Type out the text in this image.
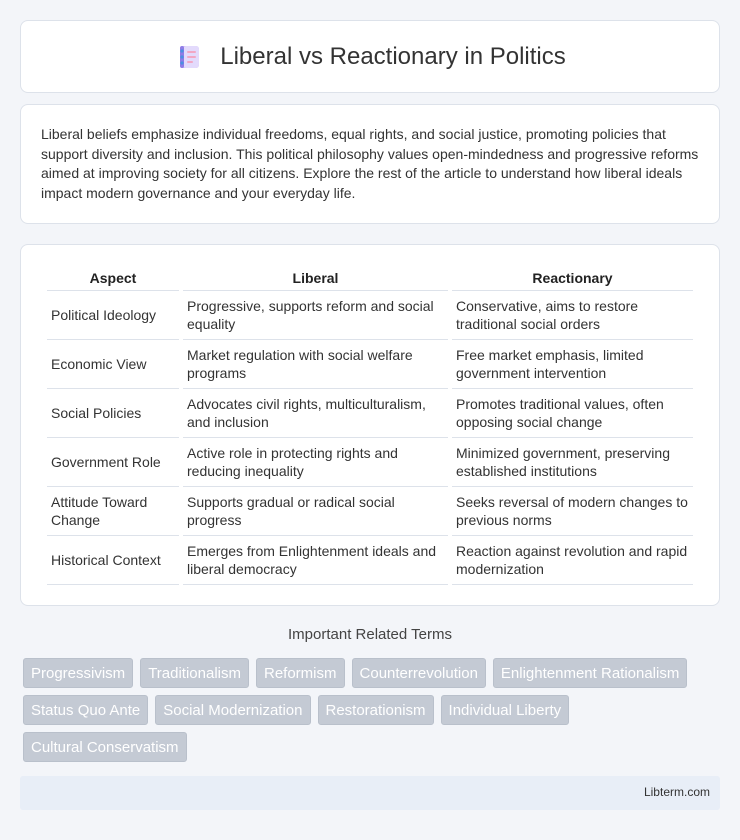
Liberal vs Reactionary in Politics

Liberal beliefs emphasize individual freedoms, equal rights, and social justice, promoting policies that support diversity and inclusion. This political philosophy values open-mindedness and progressive reforms aimed at improving society for all citizens. Explore the rest of the article to understand how liberal ideals impact modern governance and your everyday life.

Aspect	Liberal	Reactionary
Political Ideology	Progressive, supports reform and social equality	Conservative, aims to restore traditional social orders
Economic View	Market regulation with social welfare programs	Free market emphasis, limited government intervention
Social Policies	Advocates civil rights, multiculturalism, and inclusion	Promotes traditional values, often opposing social change
Government Role	Active role in protecting rights and reducing inequality	Minimized government, preserving established institutions
Attitude Toward Change	Supports gradual or radical social progress	Seeks reversal of modern changes to previous norms
Historical Context	Emerges from Enlightenment ideals and liberal democracy	Reaction against revolution and rapid modernization
Important Related Terms
Progressivism	Traditionalism	Reformism	Counterrevolution	Enlightenment Rationalism
Status Quo Ante	Social Modernization	Restorationism	Individual Liberty
Cultural Conservatism
Libterm.com
